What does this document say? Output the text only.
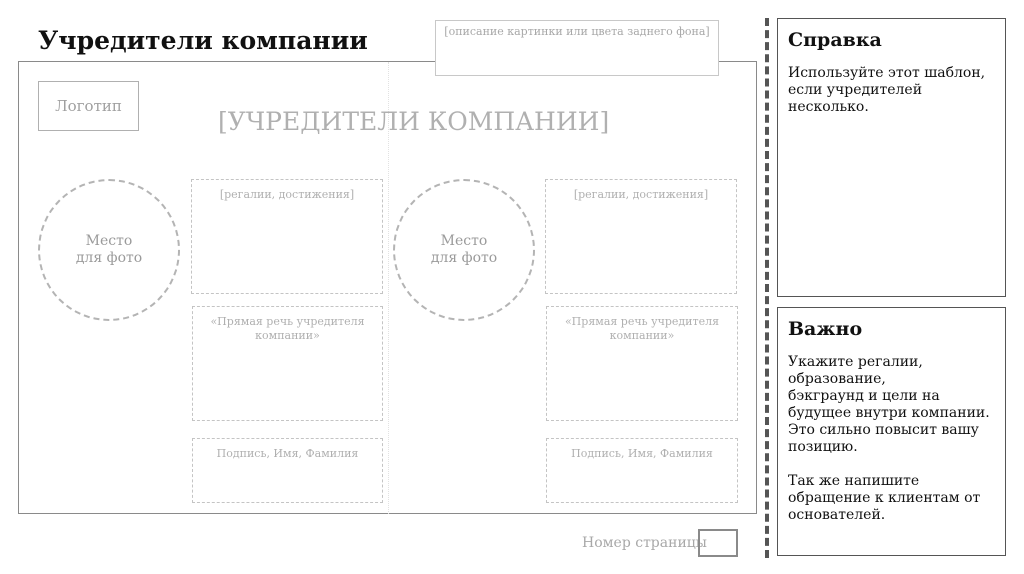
Учредители компании	[описание картинки или цвета заднего фона]
Логотип
[УЧРЕДИТЕЛИ КОМПАНИИ]
Место
для фото
[регалии, достижения]
«Прямая речь учредителя компании»
Подпись, Имя, Фамилия
Место
для фото
[регалии, достижения]
«Прямая речь учредителя компании»
Подпись, Имя, Фамилия
Номер страницы
Справка
Используйте этот шаблон,
если учредителей несколько.
Важно
Укажите регалии,
образование,
бэкграунд и цели на будущее внутри компании. Это сильно повысит вашу позицию.

Так же напишите обращение к клиентам от основателей.
